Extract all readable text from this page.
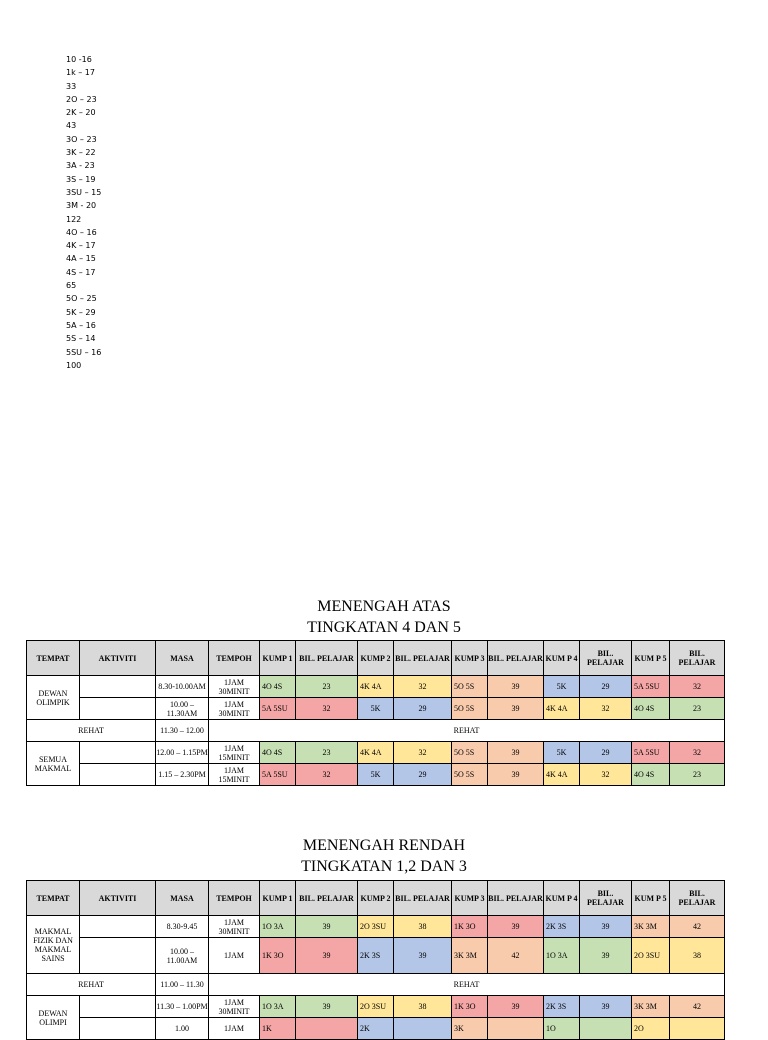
10 -16
1k – 17
33
2O – 23
2K – 20
43
3O – 23
3K – 22
3A - 23
3S – 19
3SU – 15
3M - 20
122
4O – 16
4K – 17
4A – 15
4S – 17
65
5O – 25
5K – 29
5A – 16
5S – 14
5SU – 16
100
MENENGAH ATAS
TINGKATAN 4 DAN 5
TEMPAT	AKTIVITI	MASA	TEMPOH	KUMP 1	BIL. PELAJAR	KUMP 2	BIL. PELAJAR	KUMP 3	BIL. PELAJAR	KUM P 4	BIL. PELAJAR	KUM P 5	BIL. PELAJAR
DEWAN OLIMPIK		8.30-10.00AM	1JAM 30MINIT	4O 4S	23	4K 4A	32	5O 5S	39	5K	29	5A 5SU	32
		10.00 – 11.30AM	1JAM 30MINIT	5A 5SU	32	5K	29	5O 5S	39	4K 4A	32	4O 4S	23
REHAT		11.30 – 12.00	REHAT										
SEMUA MAKMAL		12.00 – 1.15PM	1JAM 15MINIT	4O 4S	23	4K 4A	32	5O 5S	39	5K	29	5A 5SU	32
		1.15 – 2.30PM	1JAM 15MINIT	5A 5SU	32	5K	29	5O 5S	39	4K 4A	32	4O 4S	23
MENENGAH RENDAH
TINGKATAN 1,2 DAN 3
TEMPAT	AKTIVITI	MASA	TEMPOH	KUMP 1	BIL. PELAJAR	KUMP 2	BIL. PELAJAR	KUMP 3	BIL. PELAJAR	KUM P 4	BIL. PELAJAR	KUM P 5	BIL. PELAJAR
MAKMAL FIZIK DAN MAKMAL SAINS		8.30-9.45	1JAM 30MINIT	1O 3A	39	2O 3SU	38	1K 3O	39	2K 3S	39	3K 3M	42
		10.00 – 11.00AM	1JAM	1K 3O	39	2K 3S	39	3K 3M	42	1O 3A	39	2O 3SU	38
REHAT		11.00 – 11.30	REHAT										
DEWAN OLIMPI		11.30 – 1.00PM	1JAM 30MINIT	1O 3A	39	2O 3SU	38	1K 3O	39	2K 3S	39	3K 3M	42
		1.00	1JAM	1K		2K		3K		1O		2O	
